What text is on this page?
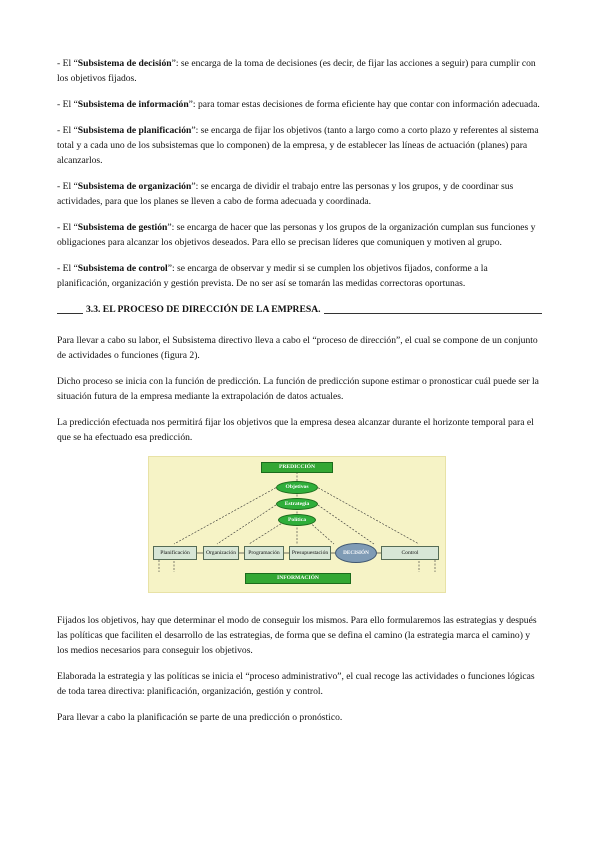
- El “Subsistema de decisión”: se encarga de la toma de decisiones (es decir, de fijar las acciones a seguir) para cumplir con los objetivos fijados.

- El “Subsistema de información”: para tomar estas decisiones de forma eficiente hay que contar con información adecuada.

- El “Subsistema de planificación”: se encarga de fijar los objetivos (tanto a largo como a corto plazo y referentes al sistema total y a cada uno de los subsistemas que lo componen) de la empresa, y de establecer las líneas de actuación (planes) para alcanzarlos.

- El “Subsistema de organización”: se encarga de dividir el trabajo entre las personas y los grupos, y de coordinar sus actividades, para que los planes se lleven a cabo de forma adecuada y coordinada.

- El “Subsistema de gestión”: se encarga de hacer que las personas y los grupos de la organización cumplan sus funciones y obligaciones para alcanzar los objetivos deseados. Para ello se precisan líderes que comuniquen y motiven al grupo.

- El “Subsistema de control”: se encarga de observar y medir si se cumplen los objetivos fijados, conforme a la planificación, organización y gestión prevista. De no ser así se tomarán las medidas correctoras oportunas.

3.3. EL PROCESO DE DIRECCIÓN DE LA EMPRESA.

Para llevar a cabo su labor, el Subsistema directivo lleva a cabo el “proceso de dirección”, el cual se compone de un conjunto de actividades o funciones (figura 2).

Dicho proceso se inicia con la función de predicción. La función de predicción supone estimar o pronosticar cuál puede ser la situación futura de la empresa mediante la extrapolación de datos actuales.

La predicción efectuada nos permitirá fijar los objetivos que la empresa desea alcanzar durante el horizonte temporal para el que se ha efectuado esa predicción.

PREDICCIÓN
Objetivos
Estrategia
Política
Planificación	Organización	Programación	Presupuestación	DECISIÓN	Control
INFORMACIÓN

Fijados los objetivos, hay que determinar el modo de conseguir los mismos. Para ello formularemos las estrategias y después las políticas que faciliten el desarrollo de las estrategias, de forma que se defina el camino (la estrategia marca el camino) y los medios necesarios para conseguir los objetivos.

Elaborada la estrategia y las políticas se inicia el “proceso administrativo”, el cual recoge las actividades o funciones lógicas de toda tarea directiva: planificación, organización, gestión y control.

Para llevar a cabo la planificación se parte de una predicción o pronóstico.
